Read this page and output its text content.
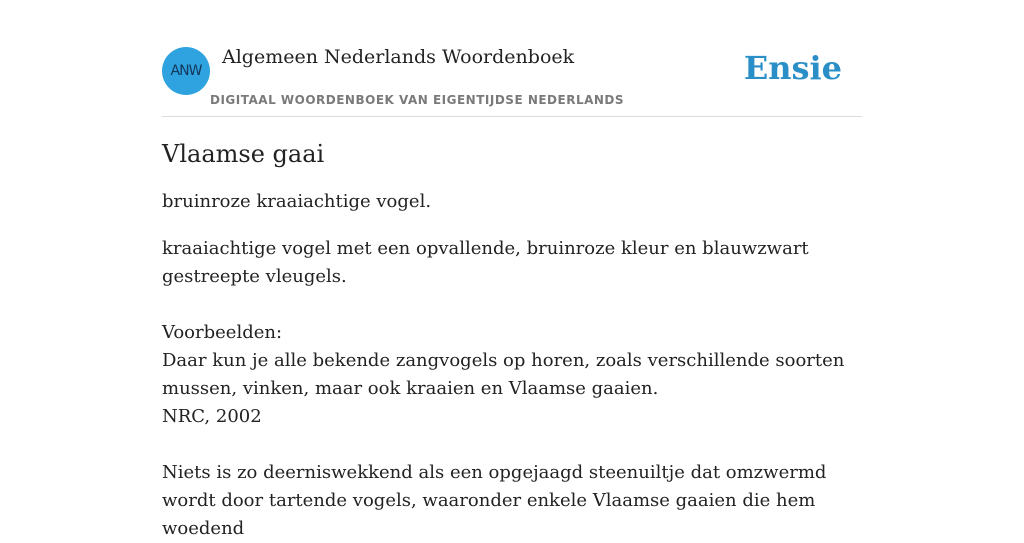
ANW
Algemeen Nederlands Woordenboek
DIGITAAL WOORDENBOEK VAN EIGENTIJDSE NEDERLANDS
Ensie
Vlaamse gaai

bruinroze kraaiachtige vogel.

kraaiachtige vogel met een opvallende, bruinroze kleur en blauwzwart gestreepte vleugels.

Voorbeelden:

Daar kun je alle bekende zangvogels op horen, zoals verschillende soorten mussen, vinken, maar ook kraaien en Vlaamse gaaien.

NRC, 2002

Niets is zo deerniswekkend als een opgejaagd steenuiltje dat omzwermd wordt door tartende vogels, waaronder enkele Vlaamse gaaien die hem woedend
